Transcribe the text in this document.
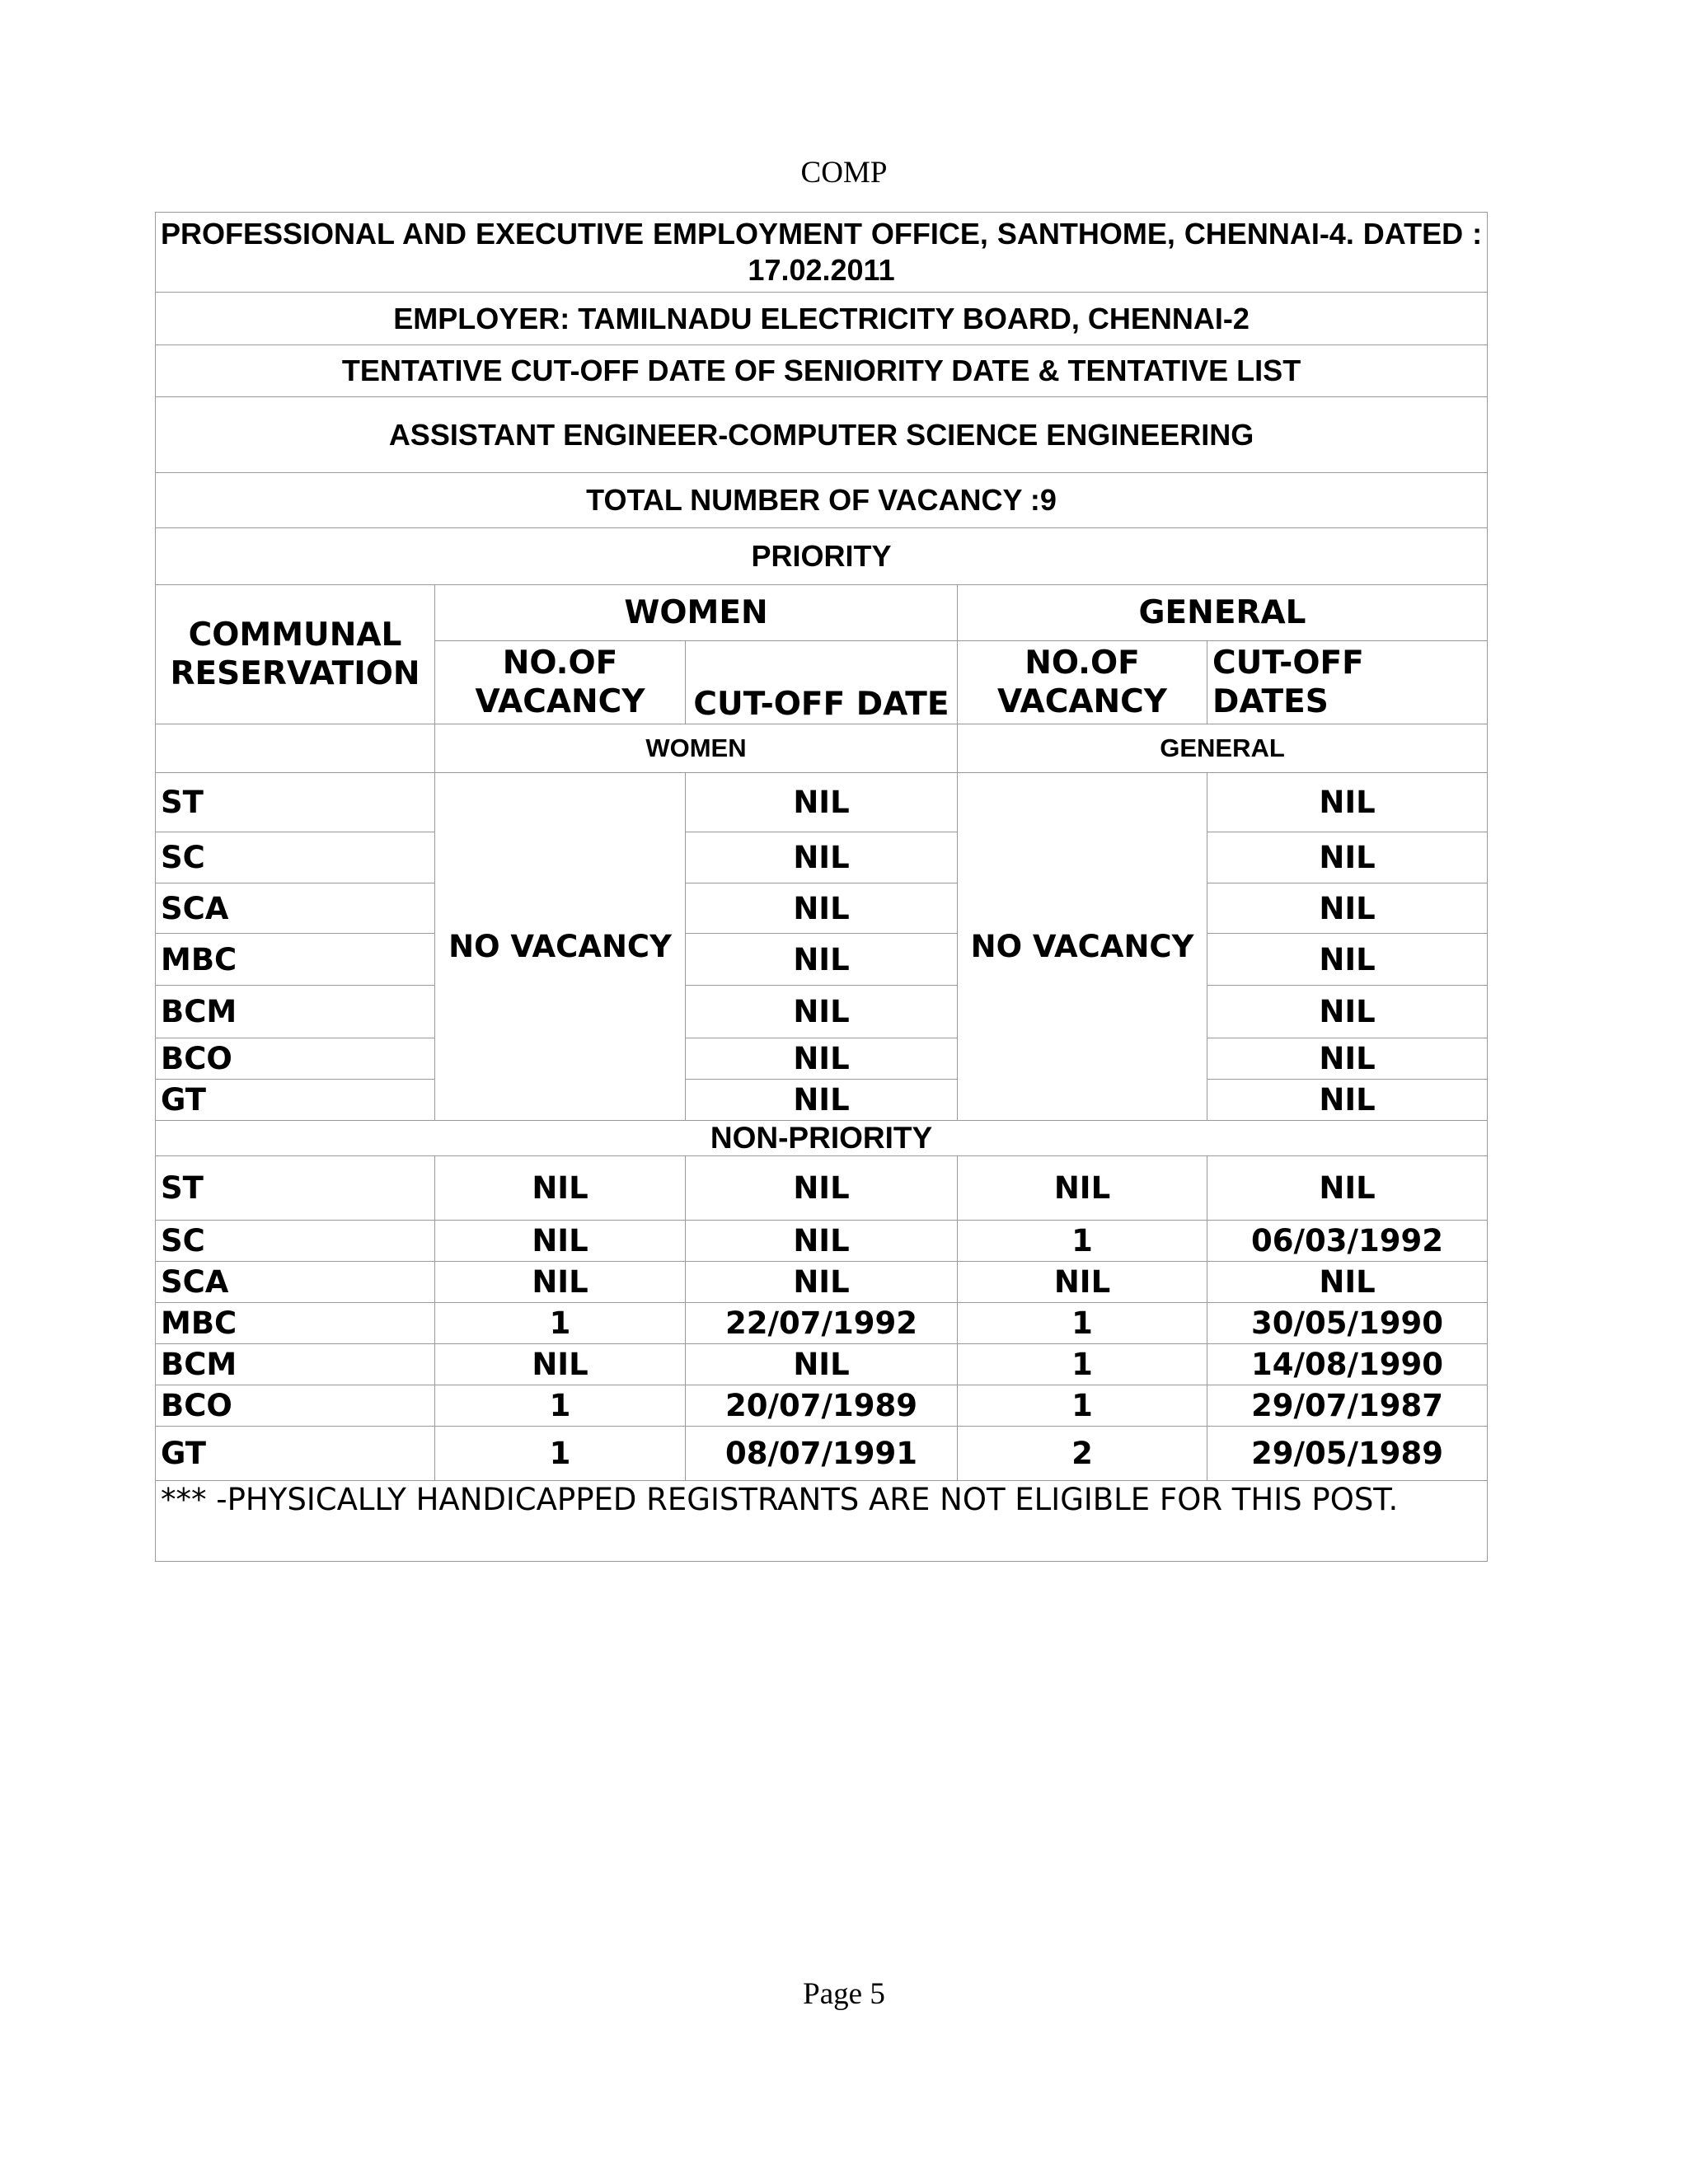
COMP
PROFESSIONAL AND EXECUTIVE EMPLOYMENT OFFICE, SANTHOME, CHENNAI-4. DATED : 17.02.2011				
EMPLOYER: TAMILNADU ELECTRICITY BOARD, CHENNAI-2				
TENTATIVE CUT-OFF DATE OF SENIORITY DATE & TENTATIVE LIST				
ASSISTANT ENGINEER-COMPUTER SCIENCE ENGINEERING				
TOTAL NUMBER OF VACANCY :9				
PRIORITY				
COMMUNAL RESERVATION	WOMEN		GENERAL	
	NO.OF VACANCY	CUT-OFF DATE	NO.OF VACANCY	CUT-OFF DATES
	WOMEN		GENERAL	
ST	NO VACANCY	NIL	NO VACANCY	NIL
SC		NIL		NIL
SCA		NIL		NIL
MBC		NIL		NIL
BCM		NIL		NIL
BCO		NIL		NIL
GT		NIL		NIL
NON-PRIORITY				
ST	NIL	NIL	NIL	NIL
SC	NIL	NIL	1	06/03/1992
SCA	NIL	NIL	NIL	NIL
MBC	1	22/07/1992	1	30/05/1990
BCM	NIL	NIL	1	14/08/1990
BCO	1	20/07/1989	1	29/07/1987
GT	1	08/07/1991	2	29/05/1989
*** -PHYSICALLY HANDICAPPED REGISTRANTS ARE NOT ELIGIBLE FOR THIS POST.				
Page 5
